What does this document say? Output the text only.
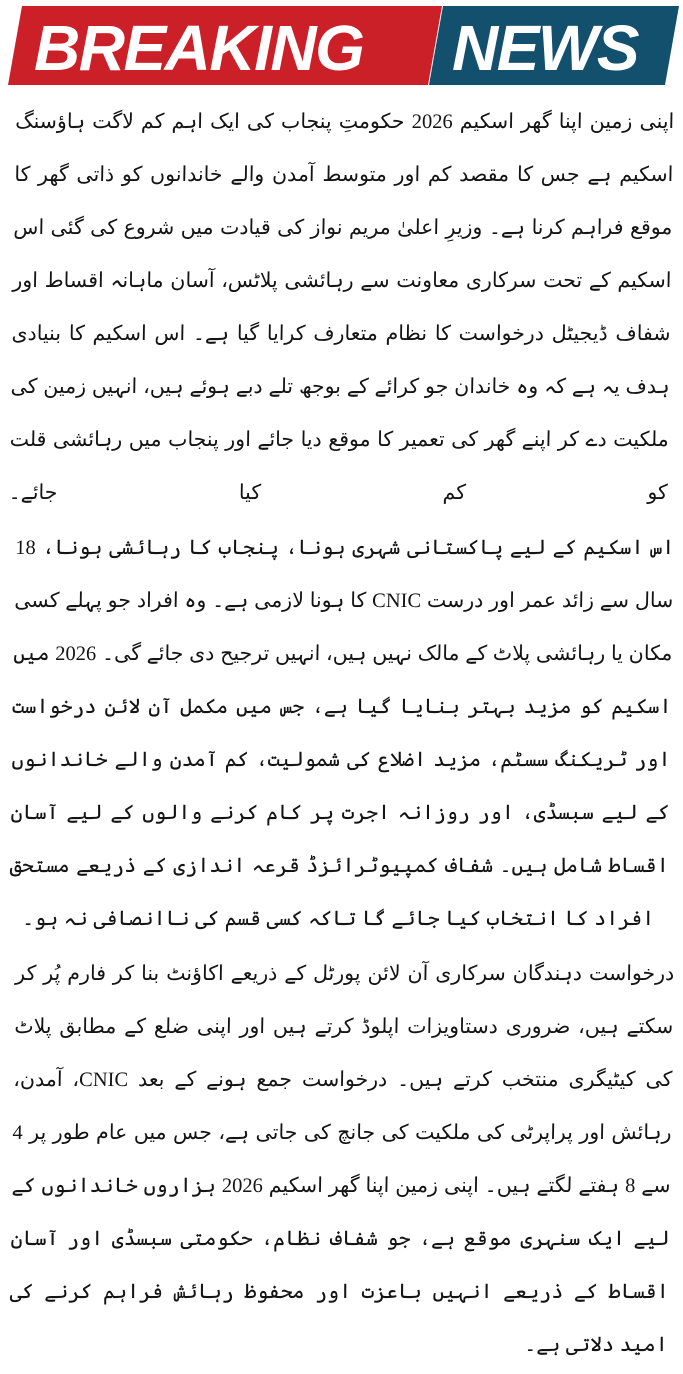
BREAKING NEWS

اپنی زمین اپنا گھر اسکیم 2026 حکومتِ پنجاب کی ایک اہم کم لاگت ہاؤسنگ اسکیم ہے جس کا مقصد کم اور متوسط آمدن والے خاندانوں کو ذاتی گھر کا موقع فراہم کرنا ہے۔ وزیرِ اعلیٰ مریم نواز کی قیادت میں شروع کی گئی اس اسکیم کے تحت سرکاری معاونت سے رہائشی پلاٹس، آسان ماہانہ اقساط اور شفاف ڈیجیٹل درخواست کا نظام متعارف کرایا گیا ہے۔ اس اسکیم کا بنیادی ہدف یہ ہے کہ وہ خاندان جو کرائے کے بوجھ تلے دبے ہوئے ہیں، انہیں زمین کی ملکیت دے کر اپنے گھر کی تعمیر کا موقع دیا جائے اور پنجاب میں رہائشی قلت کو کم کیا جائے۔

اس اسکیم کے لیے پاکستانی شہری ہونا، پنجاب کا رہائشی ہونا، 18 سال سے زائد عمر اور درست CNIC کا ہونا لازمی ہے۔ وہ افراد جو پہلے کسی مکان یا رہائشی پلاٹ کے مالک نہیں ہیں، انہیں ترجیح دی جائے گی۔ 2026 میں اسکیم کو مزید بہتر بنایا گیا ہے، جس میں مکمل آن لائن درخواست اور ٹریکنگ سسٹم، مزید اضلاع کی شمولیت، کم آمدن والے خاندانوں کے لیے سبسڈی، اور روزانہ اجرت پر کام کرنے والوں کے لیے آسان اقساط شامل ہیں۔ شفاف کمپیوٹرائزڈ قرعہ اندازی کے ذریعے مستحق افراد کا انتخاب کیا جائے گا تاکہ کسی قسم کی ناانصافی نہ ہو۔

درخواست دہندگان سرکاری آن لائن پورٹل کے ذریعے اکاؤنٹ بنا کر فارم پُر کر سکتے ہیں، ضروری دستاویزات اپلوڈ کرتے ہیں اور اپنی ضلع کے مطابق پلاٹ کی کیٹیگری منتخب کرتے ہیں۔ درخواست جمع ہونے کے بعد CNIC، آمدن، رہائش اور پراپرٹی کی ملکیت کی جانچ کی جاتی ہے، جس میں عام طور پر 4 سے 8 ہفتے لگتے ہیں۔ اپنی زمین اپنا گھر اسکیم 2026 ہزاروں خاندانوں کے لیے ایک سنہری موقع ہے، جو شفاف نظام، حکومتی سبسڈی اور آسان اقساط کے ذریعے انہیں باعزت اور محفوظ رہائش فراہم کرنے کی امید دلاتی ہے۔
